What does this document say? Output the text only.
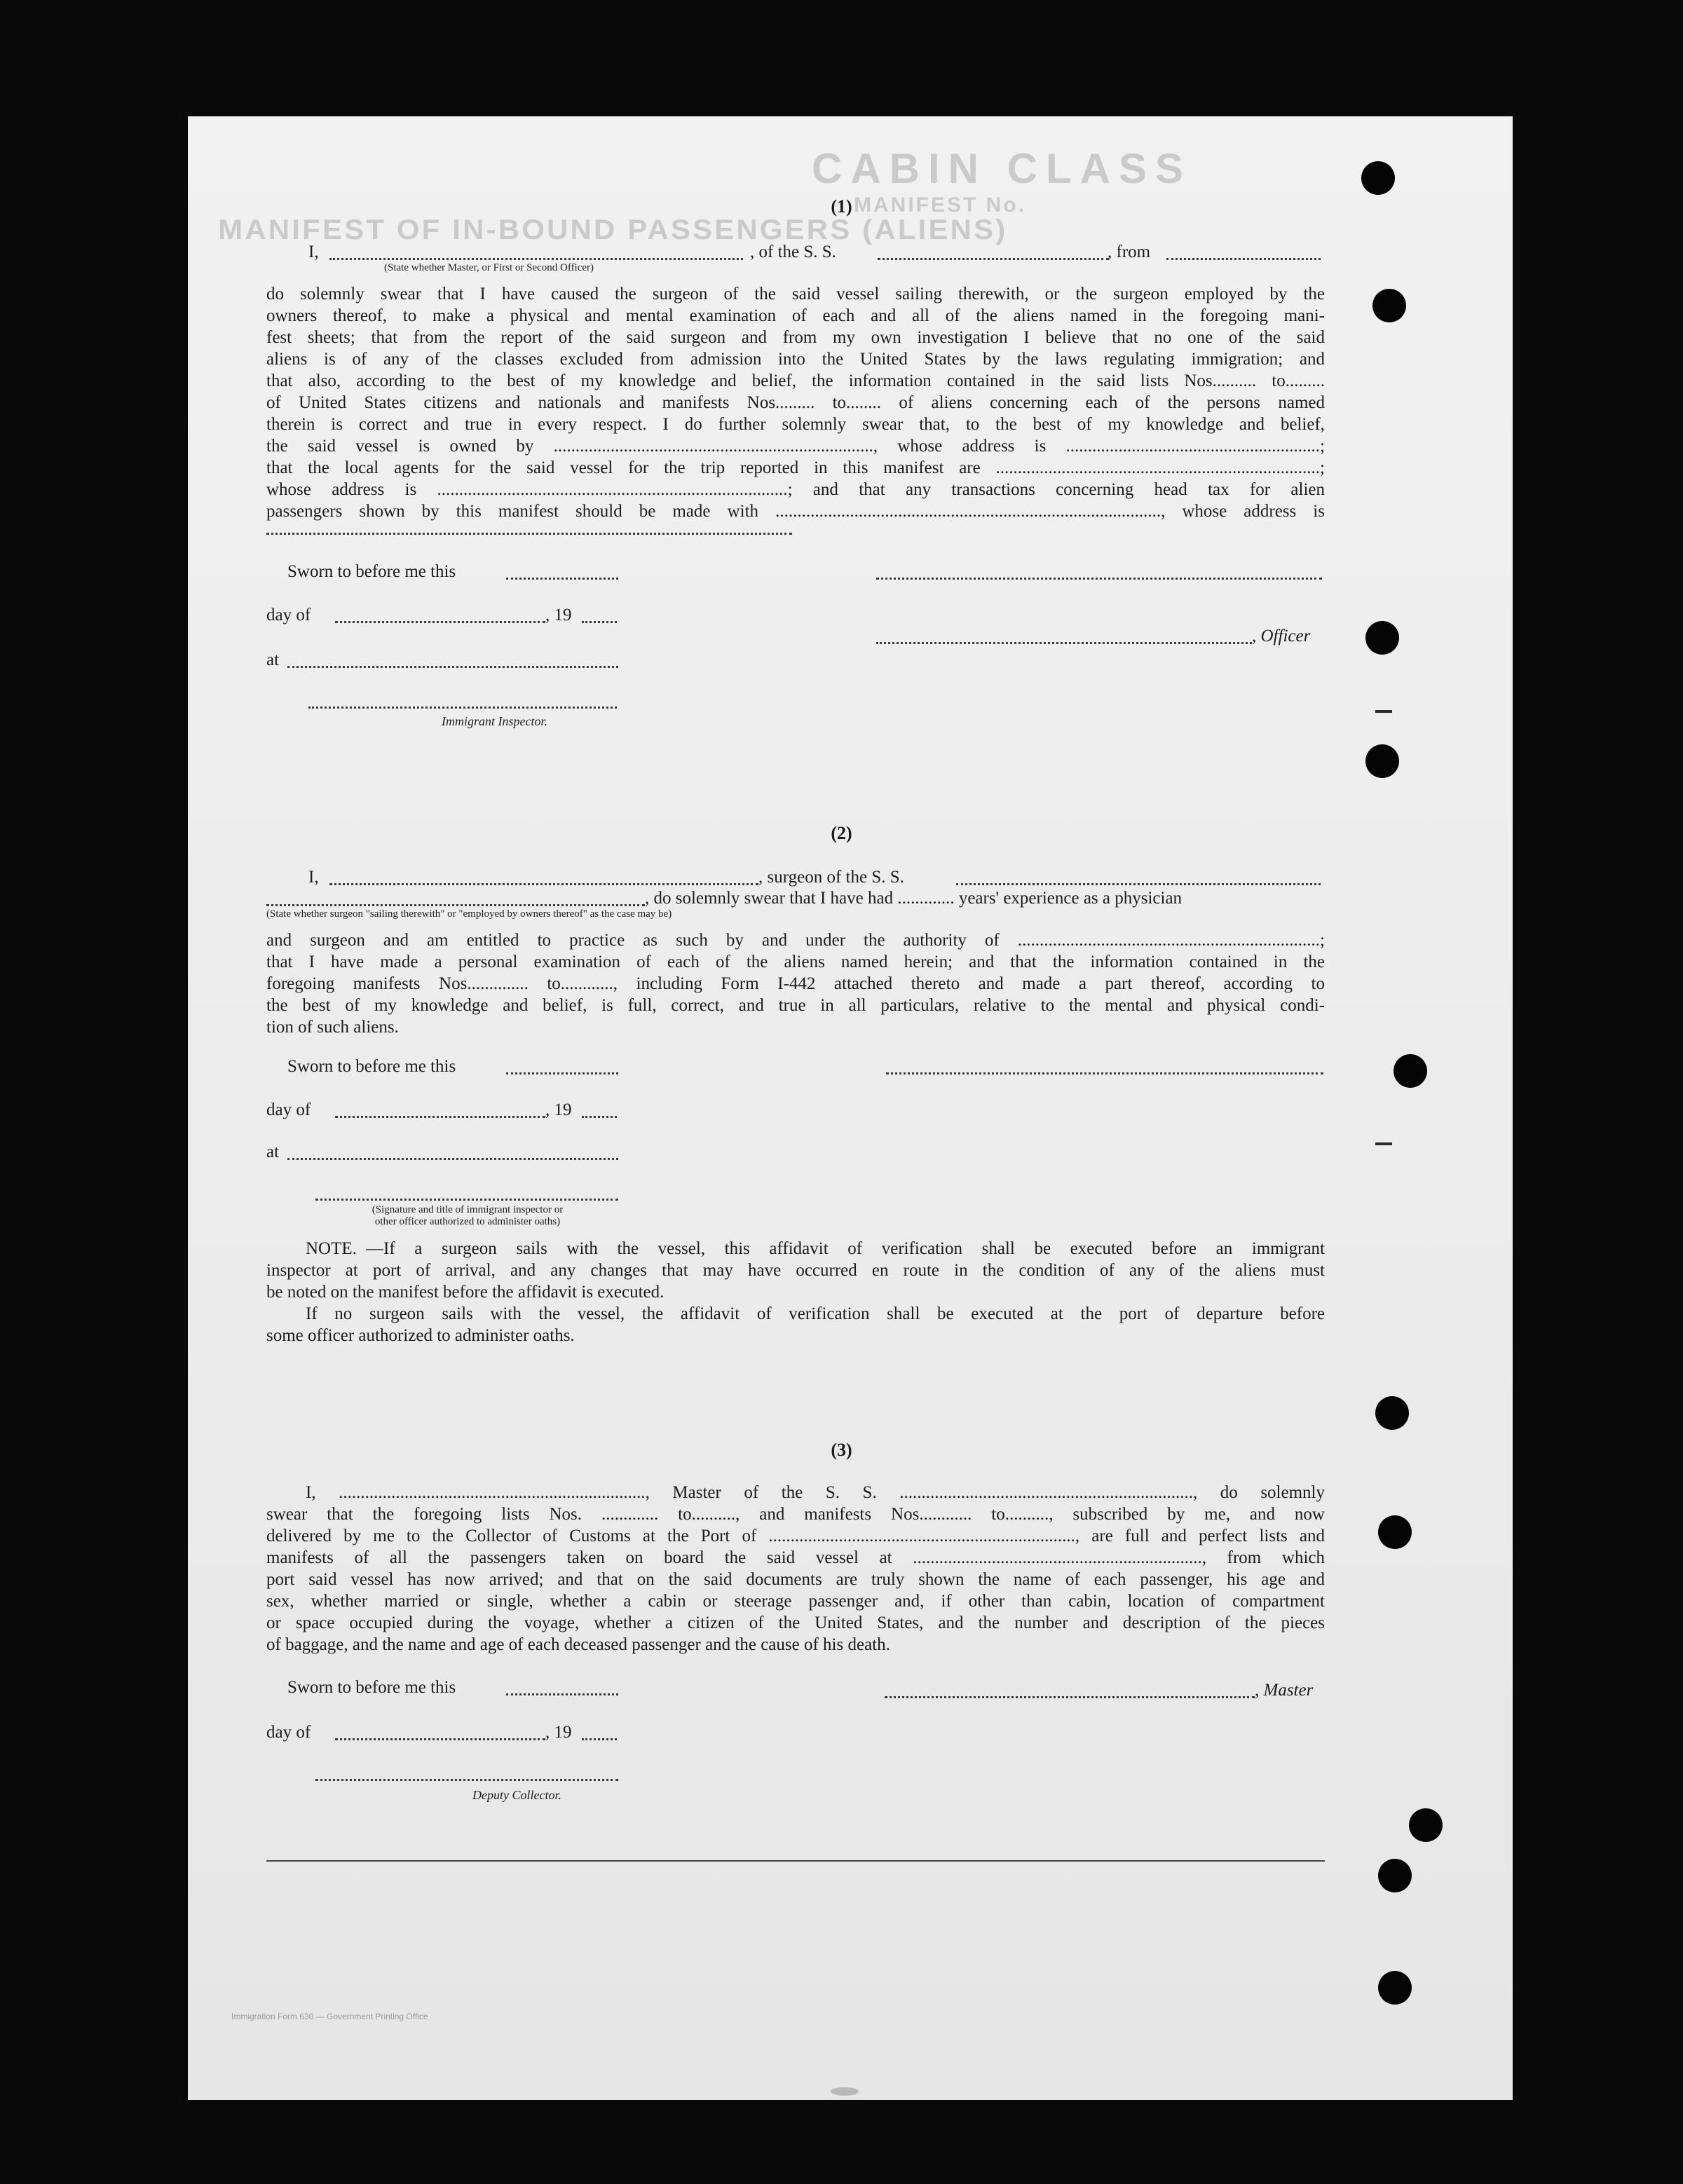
CABIN CLASS
MANIFEST No.
MANIFEST OF IN-BOUND PASSENGERS (ALIENS)
(1)
I,	, of the S. S.	, from
(State whether Master, or First or Second Officer)
do solemnly swear that I have caused the surgeon of the said vessel sailing therewith, or the surgeon employed by the
owners thereof, to make a physical and mental examination of each and all of the aliens named in the foregoing mani-
fest sheets; that from the report of the said surgeon and from my own investigation I believe that no one of the said
aliens is of any of the classes excluded from admission into the United States by the laws regulating immigration; and
that also, according to the best of my knowledge and belief, the information contained in the said lists Nos.......... to.........
of United States citizens and nationals and manifests Nos......... to........ of aliens concerning each of the persons named
therein is correct and true in every respect. I do further solemnly swear that, to the best of my knowledge and belief,
the said vessel is owned by ........................................................................., whose address is ..........................................................;
that the local agents for the said vessel for the trip reported in this manifest are ..........................................................................;
whose address is ................................................................................; and that any transactions concerning head tax for alien
passengers shown by this manifest should be made with ........................................................................................, whose address is
Sworn to before me this
day of	, 19
, Officer
at
Immigrant Inspector.
(2)
I,	, surgeon of the S. S.
, do solemnly swear that I have had ............. years' experience as a physician
(State whether surgeon "sailing therewith" or "employed by owners thereof" as the case may be)
and surgeon and am entitled to practice as such by and under the authority of .....................................................................;
that I have made a personal examination of each of the aliens named herein; and that the information contained in the
foregoing manifests Nos.............. to............, including Form I-442 attached thereto and made a part thereof, according to
the best of my knowledge and belief, is full, correct, and true in all particulars, relative to the mental and physical condi-
tion of such aliens.
Sworn to before me this
day of	, 19
at
(Signature and title of immigrant inspector or
other officer authorized to administer oaths)
NOTE. —If a surgeon sails with the vessel, this affidavit of verification shall be executed before an immigrant
inspector at port of arrival, and any changes that may have occurred en route in the condition of any of the aliens must
be noted on the manifest before the affidavit is executed.
If no surgeon sails with the vessel, the affidavit of verification shall be executed at the port of departure before
some officer authorized to administer oaths.
(3)
I, ......................................................................, Master of the S. S. ..................................................................., do solemnly
swear that the foregoing lists Nos. ............. to.........., and manifests Nos............ to.........., subscribed by me, and now
delivered by me to the Collector of Customs at the Port of ......................................................................, are full and perfect lists and
manifests of all the passengers taken on board the said vessel at .................................................................., from which
port said vessel has now arrived; and that on the said documents are truly shown the name of each passenger, his age and
sex, whether married or single, whether a cabin or steerage passenger and, if other than cabin, location of compartment
or space occupied during the voyage, whether a citizen of the United States, and the number and description of the pieces
of baggage, and the name and age of each deceased passenger and the cause of his death.
Sworn to before me this	, Master
day of	, 19
Deputy Collector.
Immigration Form 630 — Government Printing Office
